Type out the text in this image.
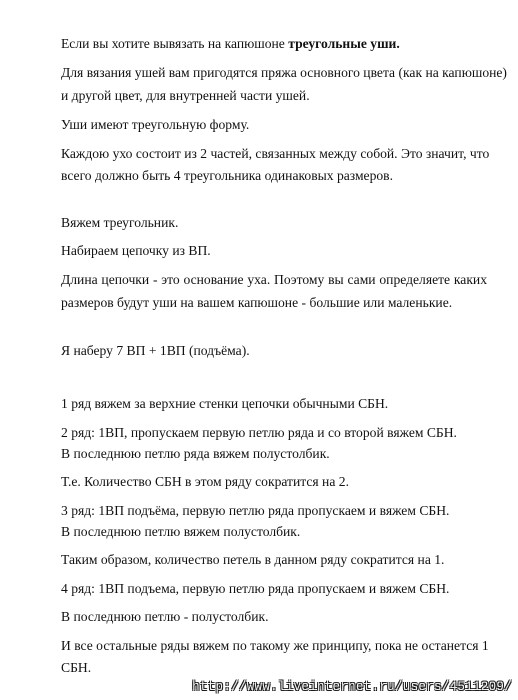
Если вы хотите вывязать на капюшоне треугольные уши.
Для вязания ушей вам пригодятся пряжа основного цвета (как на капюшоне)
и другой цвет, для внутренней части ушей.
Уши имеют треугольную форму.
Каждою ухо состоит из 2 частей, связанных между собой. Это значит, что
всего должно быть 4 треугольника одинаковых размеров.
Вяжем треугольник.
Набираем цепочку из ВП.
Длина цепочки - это основание уха. Поэтому вы сами определяете каких
размеров будут уши на вашем капюшоне - большие или маленькие.
Я наберу 7 ВП + 1ВП (подъёма).
1 ряд вяжем за верхние стенки цепочки обычными СБН.
2 ряд: 1ВП, пропускаем первую петлю ряда и со второй вяжем СБН.
В последнюю петлю ряда вяжем полустолбик.
Т.е. Количество СБН в этом ряду сократится на 2.
3 ряд: 1ВП подъёма, первую петлю ряда пропускаем и вяжем СБН.
В последнюю петлю вяжем полустолбик.
Таким образом, количество петель в данном ряду сократится на 1.
4 ряд: 1ВП подъема, первую петлю ряда пропускаем и вяжем СБН.
В последнюю петлю - полустолбик.
И все остальные ряды вяжем по такому же принципу, пока не останется 1
СБН.
http://www.liveinternet.ru/users/4511209/
